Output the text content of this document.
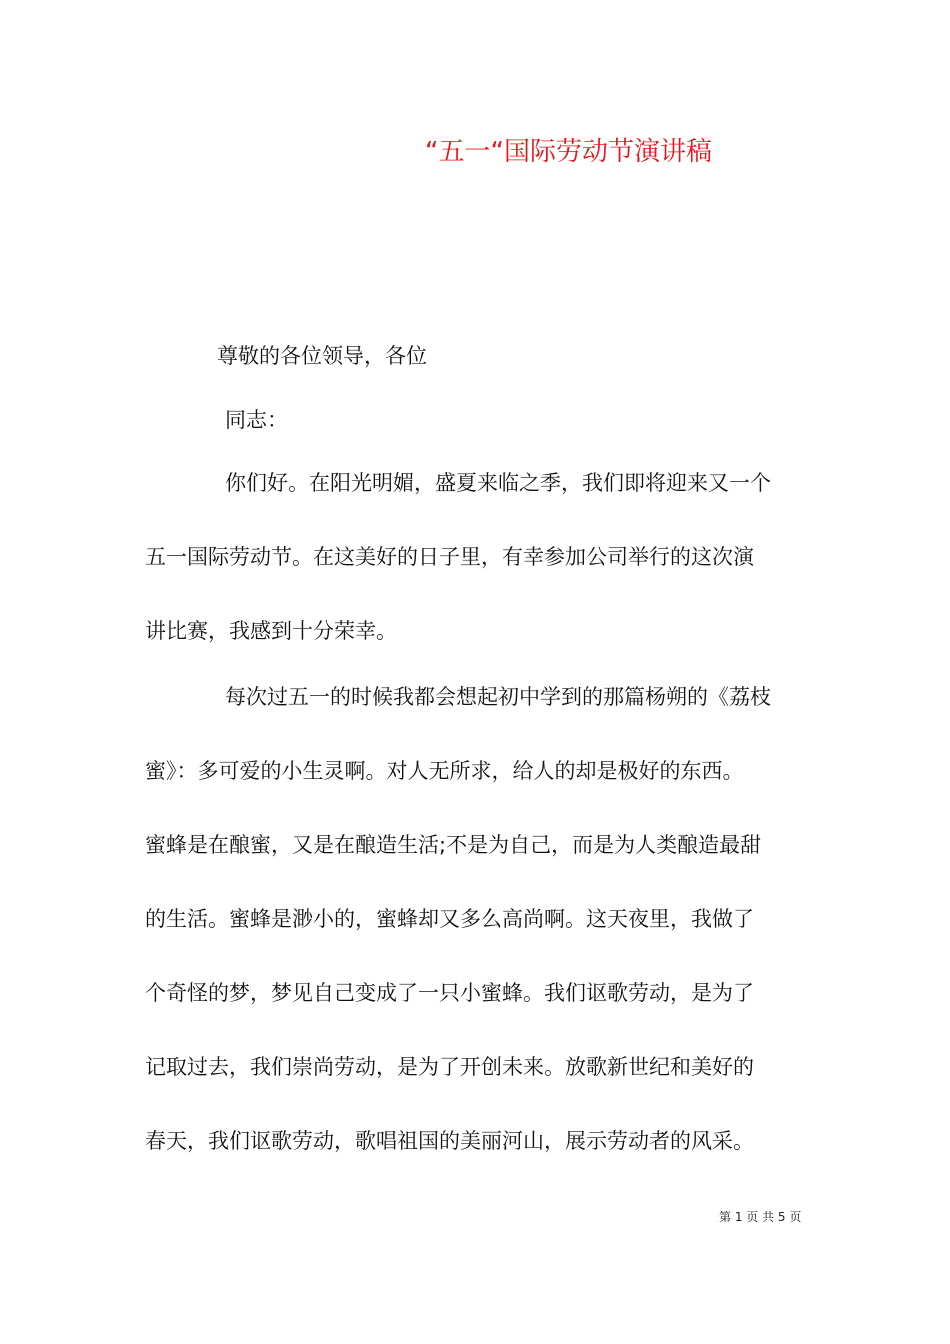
“五一“国际劳动节演讲稿
尊敬的各位领导，各位
同志：
你们好。在阳光明媚，盛夏来临之季，我们即将迎来又一个
五一国际劳动节。在这美好的日子里，有幸参加公司举行的这次演
讲比赛，我感到十分荣幸。
每次过五一的时候我都会想起初中学到的那篇杨朔的《荔枝
蜜》：多可爱的小生灵啊。对人无所求，给人的却是极好的东西。
蜜蜂是在酿蜜，又是在酿造生活;不是为自己，而是为人类酿造最甜
的生活。蜜蜂是渺小的，蜜蜂却又多么高尚啊。这天夜里，我做了
个奇怪的梦，梦见自己变成了一只小蜜蜂。我们讴歌劳动，是为了
记取过去，我们崇尚劳动，是为了开创未来。放歌新世纪和美好的
春天，我们讴歌劳动，歌唱祖国的美丽河山，展示劳动者的风采。
第 1 页 共 5 页
